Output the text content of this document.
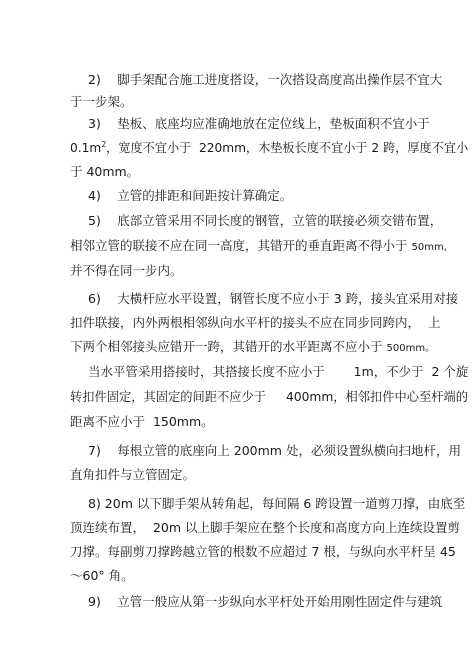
2)　 脚手架配合施工进度搭设，一次搭设高度高出操作层不宜大
于一步架。
3)　 垫板、底座均应准确地放在定位线上，垫板面积不宜小于
$0.1m^2$，宽度不宜小于  220mm，木垫板长度不宜小于 2 跨，厚度不宜小
于 40mm。
4)　 立管的排距和间距按计算确定。
5)　 底部立管采用不同长度的钢管，立管的联接必须交错布置，
相邻立管的联接不应在同一高度，其错开的垂直距离不得小于 50mm,
并不得在同一步内。
6)　 大横杆应水平设置，钢管长度不应小于 3 跨，接头宜采用对接
扣件联接，内外两根相邻纵向水平杆的接头不应在同步同跨内，  上
下两个相邻接头应错开一跨，其错开的水平距离不应小于 500mm。
当水平管采用搭接时，其搭接长度不应小于　　 1m，不少于  2 个旋
转扣件固定，其固定的间距不应少于　  400mm，相邻扣件中心至杆端的
距离不应小于  150mm。
7)　 每根立管的底座向上 200mm 处，必须设置纵横向扫地杆，用
直角扣件与立管固定。
8) 20m 以下脚手架从转角起，每间隔 6 跨设置一道剪刀撑，由底至
顶连续布置，  20m 以上脚手架应在整个长度和高度方向上连续设置剪
刀撑。每副剪刀撑跨越立管的根数不应超过 7 根，与纵向水平杆呈 45
～60° 角。
9)　 立管一般应从第一步纵向水平杆处开始用刚性固定件与建筑
